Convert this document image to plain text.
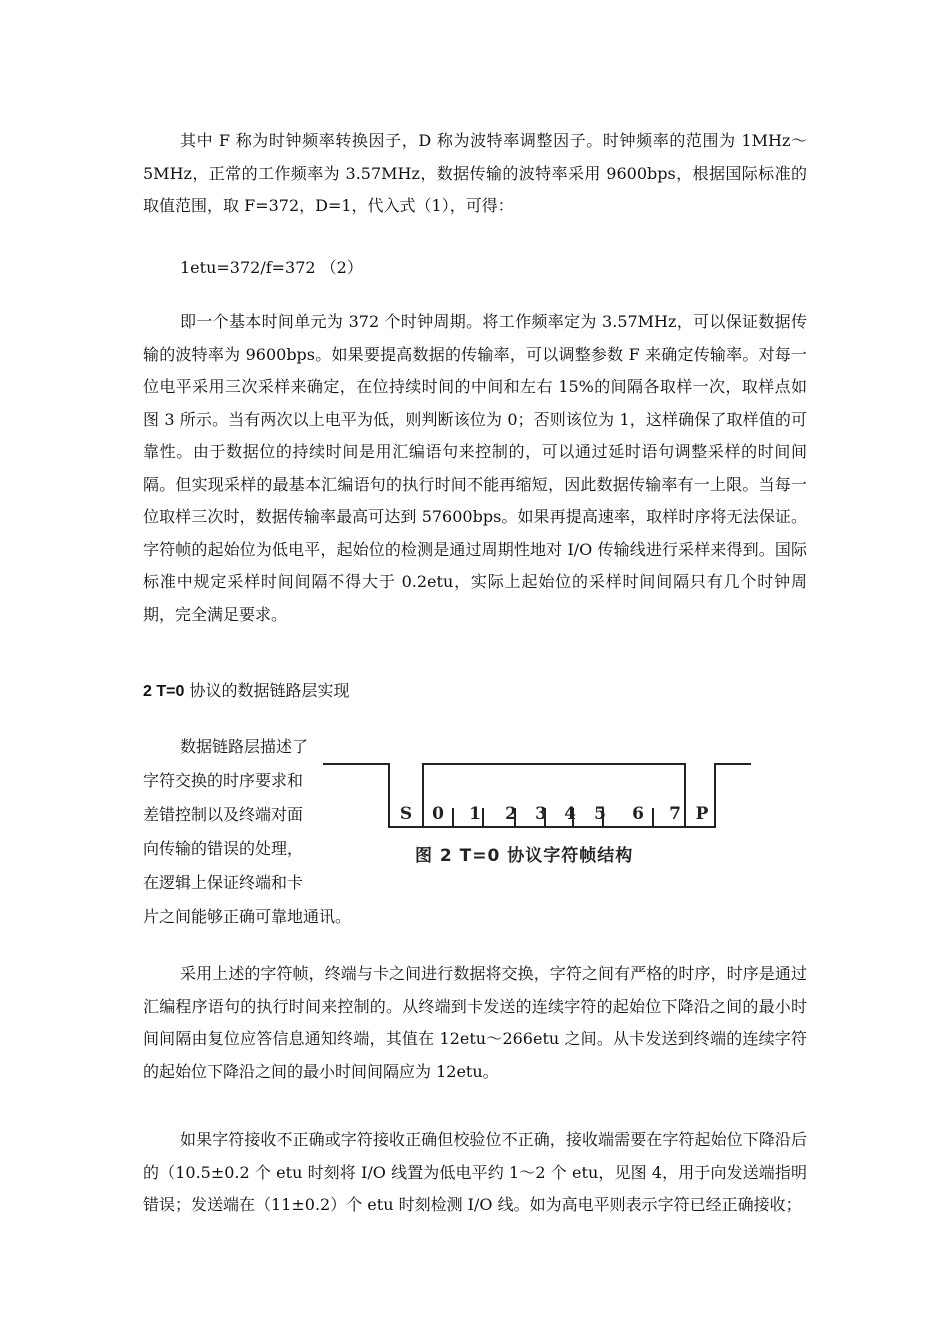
其中 F 称为时钟频率转换因子，D 称为波特率调整因子。时钟频率的范围为 1MHz～5MHz，正常的工作频率为 3.57MHz，数据传输的波特率采用 9600bps，根据国际标准的取值范围，取 F=372，D=1，代入式（1），可得：

1etu=372/f=372 （2）

即一个基本时间单元为 372 个时钟周期。将工作频率定为 3.57MHz，可以保证数据传输的波特率为 9600bps。如果要提高数据的传输率，可以调整参数 F 来确定传输率。对每一位电平采用三次采样来确定，在位持续时间的中间和左右 15%的间隔各取样一次，取样点如图 3 所示。当有两次以上电平为低，则判断该位为 0；否则该位为 1，这样确保了取样值的可靠性。由于数据位的持续时间是用汇编语句来控制的，可以通过延时语句调整采样的时间间隔。但实现采样的最基本汇编语句的执行时间不能再缩短，因此数据传输率有一上限。当每一位取样三次时，数据传输率最高可达到 57600bps。如果再提高速率，取样时序将无法保证。字符帧的起始位为低电平，起始位的检测是通过周期性地对 I/O 传输线进行采样来得到。国际标准中规定采样时间间隔不得大于 0.2etu，实际上起始位的采样时间间隔只有几个时钟周期，完全满足要求。

2 T=0 协议的数据链路层实现

数据链路层描述了
字符交换的时序要求和
差错控制以及终端对面
向传输的错误的处理，
在逻辑上保证终端和卡
片之间能够正确可靠地通讯。
S	0	1	2	3	4	5	6	7 P
图 2 T=0 协议字符帧结构

采用上述的字符帧，终端与卡之间进行数据将交换，字符之间有严格的时序，时序是通过汇编程序语句的执行时间来控制的。从终端到卡发送的连续字符的起始位下降沿之间的最小时间间隔由复位应答信息通知终端，其值在 12etu～266etu 之间。从卡发送到终端的连续字符的起始位下降沿之间的最小时间间隔应为 12etu。

如果字符接收不正确或字符接收正确但校验位不正确，接收端需要在字符起始位下降沿后的（10.5±0.2 个 etu 时刻将 I/O 线置为低电平约 1～2 个 etu，见图 4，用于向发送端指明错误；发送端在（11±0.2）个 etu 时刻检测 I/O 线。如为高电平则表示字符已经正确接收；
